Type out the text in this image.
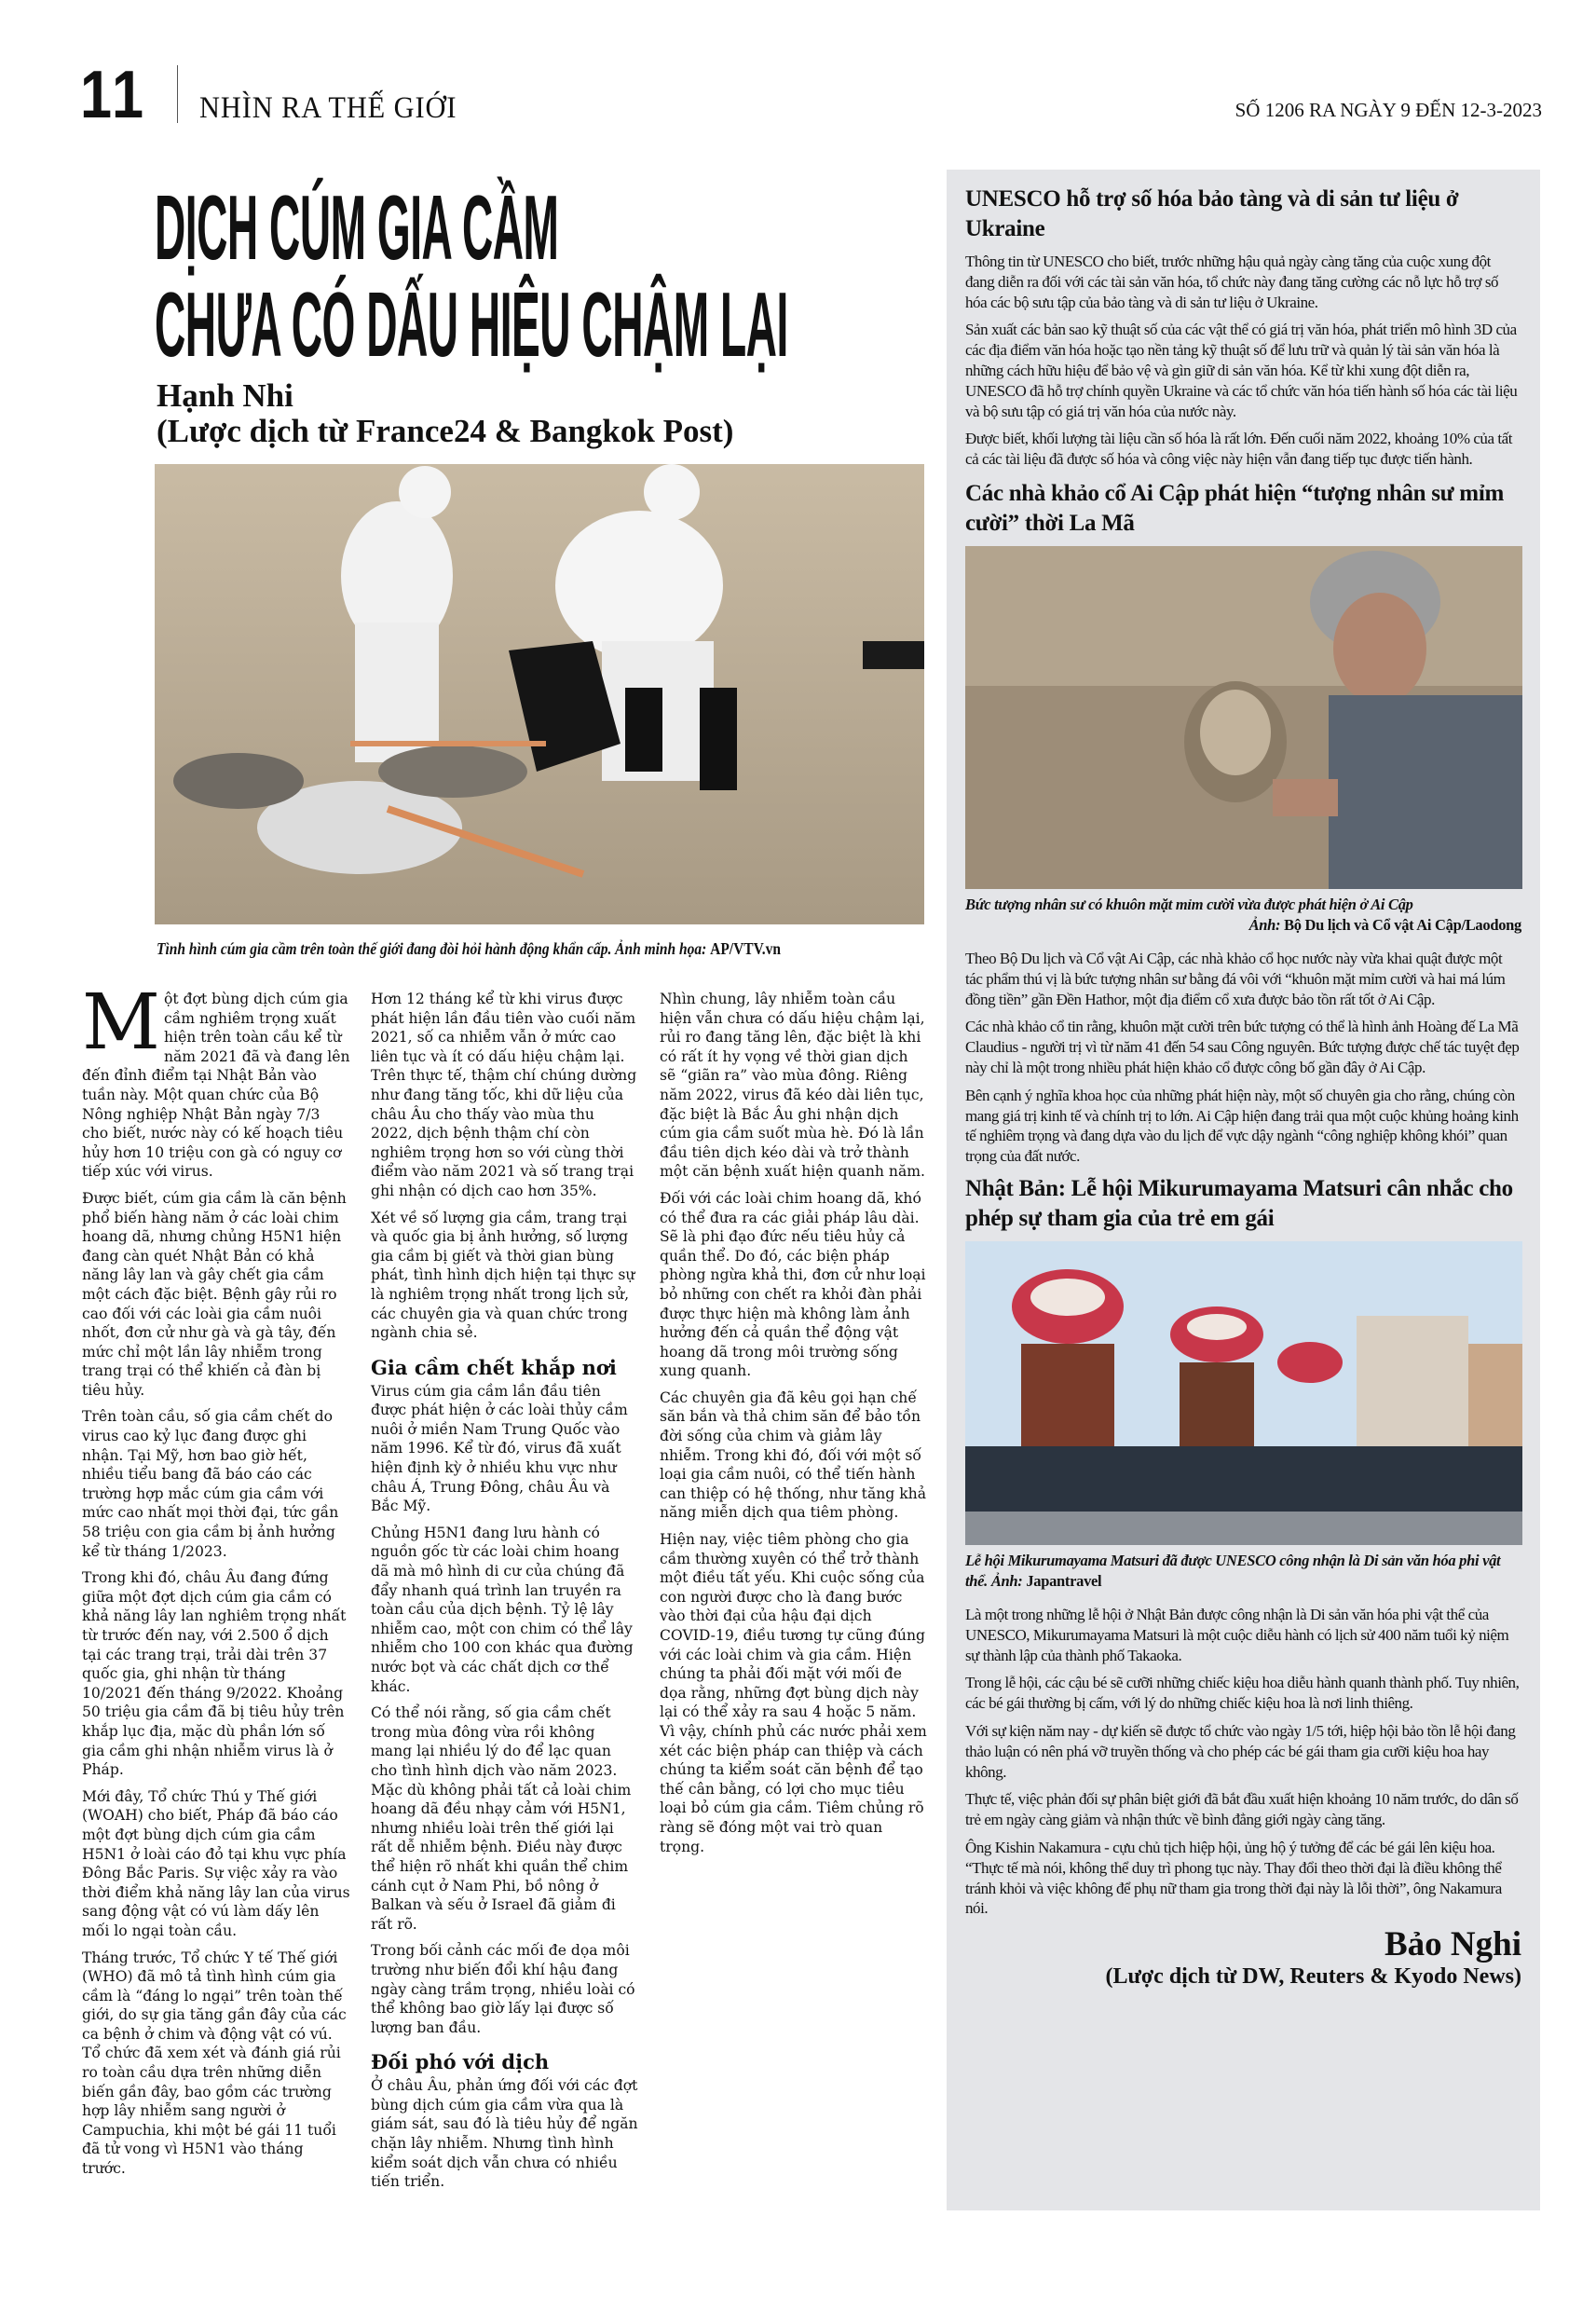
11 NHÌN RA THẾ GIỚI	SỐ 1206 RA NGÀY 9 ĐẾN 12-3-2023
DỊCH CÚM GIA CẦM
CHƯA CÓ DẤU HIỆU CHẬM LẠI
Hạnh Nhi
(Lược dịch từ France24 & Bangkok Post)
Tình hình cúm gia cầm trên toàn thế giới đang đòi hỏi hành động khẩn cấp. Ảnh minh họa: AP/VTV.vn

Một đợt bùng dịch cúm gia cầm nghiêm trọng xuất hiện trên toàn cầu kể từ năm 2021 đã và đang lên đến đỉnh điểm tại Nhật Bản vào tuần này. Một quan chức của Bộ Nông nghiệp Nhật Bản ngày 7/3 cho biết, nước này có kế hoạch tiêu hủy hơn 10 triệu con gà có nguy cơ tiếp xúc với virus.

Được biết, cúm gia cầm là căn bệnh phổ biến hàng năm ở các loài chim hoang dã, nhưng chủng H5N1 hiện đang càn quét Nhật Bản có khả năng lây lan và gây chết gia cầm một cách đặc biệt. Bệnh gây rủi ro cao đối với các loài gia cầm nuôi nhốt, đơn cử như gà và gà tây, đến mức chỉ một lần lây nhiễm trong trang trại có thể khiến cả đàn bị tiêu hủy.

Trên toàn cầu, số gia cầm chết do virus cao kỷ lục đang được ghi nhận. Tại Mỹ, hơn bao giờ hết, nhiều tiểu bang đã báo cáo các trường hợp mắc cúm gia cầm với mức cao nhất mọi thời đại, tức gần 58 triệu con gia cầm bị ảnh hưởng kể từ tháng 1/2023.

Trong khi đó, châu Âu đang đứng giữa một đợt dịch cúm gia cầm có khả năng lây lan nghiêm trọng nhất từ trước đến nay, với 2.500 ổ dịch tại các trang trại, trải dài trên 37 quốc gia, ghi nhận từ tháng 10/2021 đến tháng 9/2022. Khoảng 50 triệu gia cầm đã bị tiêu hủy trên khắp lục địa, mặc dù phần lớn số gia cầm ghi nhận nhiễm virus là ở Pháp.

Mới đây, Tổ chức Thú y Thế giới (WOAH) cho biết, Pháp đã báo cáo một đợt bùng dịch cúm gia cầm H5N1 ở loài cáo đỏ tại khu vực phía Đông Bắc Paris. Sự việc xảy ra vào thời điểm khả năng lây lan của virus sang động vật có vú làm dấy lên mối lo ngại toàn cầu.

Tháng trước, Tổ chức Y tế Thế giới (WHO) đã mô tả tình hình cúm gia cầm là “đáng lo ngại” trên toàn thế giới, do sự gia tăng gần đây của các ca bệnh ở chim và động vật có vú. Tổ chức đã xem xét và đánh giá rủi ro toàn cầu dựa trên những diễn biến gần đây, bao gồm các trường hợp lây nhiễm sang người ở Campuchia, khi một bé gái 11 tuổi đã tử vong vì H5N1 vào tháng trước.

Hơn 12 tháng kể từ khi virus được phát hiện lần đầu tiên vào cuối năm 2021, số ca nhiễm vẫn ở mức cao liên tục và ít có dấu hiệu chậm lại. Trên thực tế, thậm chí chúng dường như đang tăng tốc, khi dữ liệu của châu Âu cho thấy vào mùa thu 2022, dịch bệnh thậm chí còn nghiêm trọng hơn so với cùng thời điểm vào năm 2021 và số trang trại ghi nhận có dịch cao hơn 35%.

Xét về số lượng gia cầm, trang trại và quốc gia bị ảnh hưởng, số lượng gia cầm bị giết và thời gian bùng phát, tình hình dịch hiện tại thực sự là nghiêm trọng nhất trong lịch sử, các chuyên gia và quan chức trong ngành chia sẻ.

Gia cầm chết khắp nơi

Virus cúm gia cầm lần đầu tiên được phát hiện ở các loài thủy cầm nuôi ở miền Nam Trung Quốc vào năm 1996. Kể từ đó, virus đã xuất hiện định kỳ ở nhiều khu vực như châu Á, Trung Đông, châu Âu và Bắc Mỹ.

Chủng H5N1 đang lưu hành có nguồn gốc từ các loài chim hoang dã mà mô hình di cư của chúng đã đẩy nhanh quá trình lan truyền ra toàn cầu của dịch bệnh. Tỷ lệ lây nhiễm cao, một con chim có thể lây nhiễm cho 100 con khác qua đường nước bọt và các chất dịch cơ thể khác.

Có thể nói rằng, số gia cầm chết trong mùa đông vừa rồi không mang lại nhiều lý do để lạc quan cho tình hình dịch vào năm 2023. Mặc dù không phải tất cả loài chim hoang dã đều nhạy cảm với H5N1, nhưng nhiều loài trên thế giới lại rất dễ nhiễm bệnh. Điều này được thể hiện rõ nhất khi quần thể chim cánh cụt ở Nam Phi, bồ nông ở Balkan và sếu ở Israel đã giảm đi rất rõ.

Trong bối cảnh các mối đe dọa môi trường như biến đổi khí hậu đang ngày càng trầm trọng, nhiều loài có thể không bao giờ lấy lại được số lượng ban đầu.

Đối phó với dịch

Ở châu Âu, phản ứng đối với các đợt bùng dịch cúm gia cầm vừa qua là giám sát, sau đó là tiêu hủy để ngăn chặn lây nhiễm. Nhưng tình hình kiểm soát dịch vẫn chưa có nhiều tiến triển.

Nhìn chung, lây nhiễm toàn cầu hiện vẫn chưa có dấu hiệu chậm lại, rủi ro đang tăng lên, đặc biệt là khi có rất ít hy vọng về thời gian dịch sẽ “giãn ra” vào mùa đông. Riêng năm 2022, virus đã kéo dài liên tục, đặc biệt là Bắc Âu ghi nhận dịch cúm gia cầm suốt mùa hè. Đó là lần đầu tiên dịch kéo dài và trở thành một căn bệnh xuất hiện quanh năm.

Đối với các loài chim hoang dã, khó có thể đưa ra các giải pháp lâu dài. Sẽ là phi đạo đức nếu tiêu hủy cả quần thể. Do đó, các biện pháp phòng ngừa khả thi, đơn cử như loại bỏ những con chết ra khỏi đàn phải được thực hiện mà không làm ảnh hưởng đến cả quần thể động vật hoang dã trong môi trường sống xung quanh.

Các chuyên gia đã kêu gọi hạn chế săn bắn và thả chim săn để bảo tồn đời sống của chim và giảm lây nhiễm. Trong khi đó, đối với một số loại gia cầm nuôi, có thể tiến hành can thiệp có hệ thống, như tăng khả năng miễn dịch qua tiêm phòng.

Hiện nay, việc tiêm phòng cho gia cầm thường xuyên có thể trở thành một điều tất yếu. Khi cuộc sống của con người được cho là đang bước vào thời đại của hậu đại dịch COVID-19, điều tương tự cũng đúng với các loài chim và gia cầm. Hiện chúng ta phải đối mặt với mối đe dọa rằng, những đợt bùng dịch này lại có thể xảy ra sau 4 hoặc 5 năm. Vì vậy, chính phủ các nước phải xem xét các biện pháp can thiệp và cách chúng ta kiểm soát căn bệnh để tạo thế cân bằng, có lợi cho mục tiêu loại bỏ cúm gia cầm. Tiêm chủng rõ ràng sẽ đóng một vai trò quan trọng.

UNESCO hỗ trợ số hóa bảo tàng và di sản tư liệu ở Ukraine

Thông tin từ UNESCO cho biết, trước những hậu quả ngày càng tăng của cuộc xung đột đang diễn ra đối với các tài sản văn hóa, tổ chức này đang tăng cường các nỗ lực hỗ trợ số hóa các bộ sưu tập của bảo tàng và di sản tư liệu ở Ukraine.

Sản xuất các bản sao kỹ thuật số của các vật thể có giá trị văn hóa, phát triển mô hình 3D của các địa điểm văn hóa hoặc tạo nền tảng kỹ thuật số để lưu trữ và quản lý tài sản văn hóa là những cách hữu hiệu để bảo vệ và gìn giữ di sản văn hóa. Kể từ khi xung đột diễn ra, UNESCO đã hỗ trợ chính quyền Ukraine và các tổ chức văn hóa tiến hành số hóa các tài liệu và bộ sưu tập có giá trị văn hóa của nước này.

Được biết, khối lượng tài liệu cần số hóa là rất lớn. Đến cuối năm 2022, khoảng 10% của tất cả các tài liệu đã được số hóa và công việc này hiện vẫn đang tiếp tục được tiến hành.

Các nhà khảo cổ Ai Cập phát hiện “tượng nhân sư mỉm cười” thời La Mã
Bức tượng nhân sư có khuôn mặt mỉm cười vừa được phát hiện ở Ai Cập
Ảnh: Bộ Du lịch và Cổ vật Ai Cập/Laodong

Theo Bộ Du lịch và Cổ vật Ai Cập, các nhà khảo cổ học nước này vừa khai quật được một tác phẩm thú vị là bức tượng nhân sư bằng đá vôi với “khuôn mặt mỉm cười và hai má lúm đồng tiền” gần Đền Hathor, một địa điểm cổ xưa được bảo tồn rất tốt ở Ai Cập.

Các nhà khảo cổ tin rằng, khuôn mặt cười trên bức tượng có thể là hình ảnh Hoàng đế La Mã Claudius - người trị vì từ năm 41 đến 54 sau Công nguyên. Bức tượng được chế tác tuyệt đẹp này chỉ là một trong nhiều phát hiện khảo cổ được công bố gần đây ở Ai Cập.

Bên cạnh ý nghĩa khoa học của những phát hiện này, một số chuyên gia cho rằng, chúng còn mang giá trị kinh tế và chính trị to lớn. Ai Cập hiện đang trải qua một cuộc khủng hoảng kinh tế nghiêm trọng và đang dựa vào du lịch để vực dậy ngành “công nghiệp không khói” quan trọng của đất nước.

Nhật Bản: Lễ hội Mikurumayama Matsuri cân nhắc cho phép sự tham gia của trẻ em gái
Lễ hội Mikurumayama Matsuri đã được UNESCO công nhận là Di sản văn hóa phi vật thể. Ảnh: Japantravel

Là một trong những lễ hội ở Nhật Bản được công nhận là Di sản văn hóa phi vật thể của UNESCO, Mikurumayama Matsuri là một cuộc diễu hành có lịch sử 400 năm tuổi kỷ niệm sự thành lập của thành phố Takaoka.

Trong lễ hội, các cậu bé sẽ cưỡi những chiếc kiệu hoa diễu hành quanh thành phố. Tuy nhiên, các bé gái thường bị cấm, với lý do những chiếc kiệu hoa là nơi linh thiêng.

Với sự kiện năm nay - dự kiến sẽ được tổ chức vào ngày 1/5 tới, hiệp hội bảo tồn lễ hội đang thảo luận có nên phá vỡ truyền thống và cho phép các bé gái tham gia cưỡi kiệu hoa hay không.

Thực tế, việc phản đối sự phân biệt giới đã bắt đầu xuất hiện khoảng 10 năm trước, do dân số trẻ em ngày càng giảm và nhận thức về bình đẳng giới ngày càng tăng.

Ông Kishin Nakamura - cựu chủ tịch hiệp hội, ủng hộ ý tưởng để các bé gái lên kiệu hoa. “Thực tế mà nói, không thể duy trì phong tục này. Thay đổi theo thời đại là điều không thể tránh khỏi và việc không để phụ nữ tham gia trong thời đại này là lỗi thời”, ông Nakamura nói.

Bảo Nghi
(Lược dịch từ DW, Reuters & Kyodo News)
